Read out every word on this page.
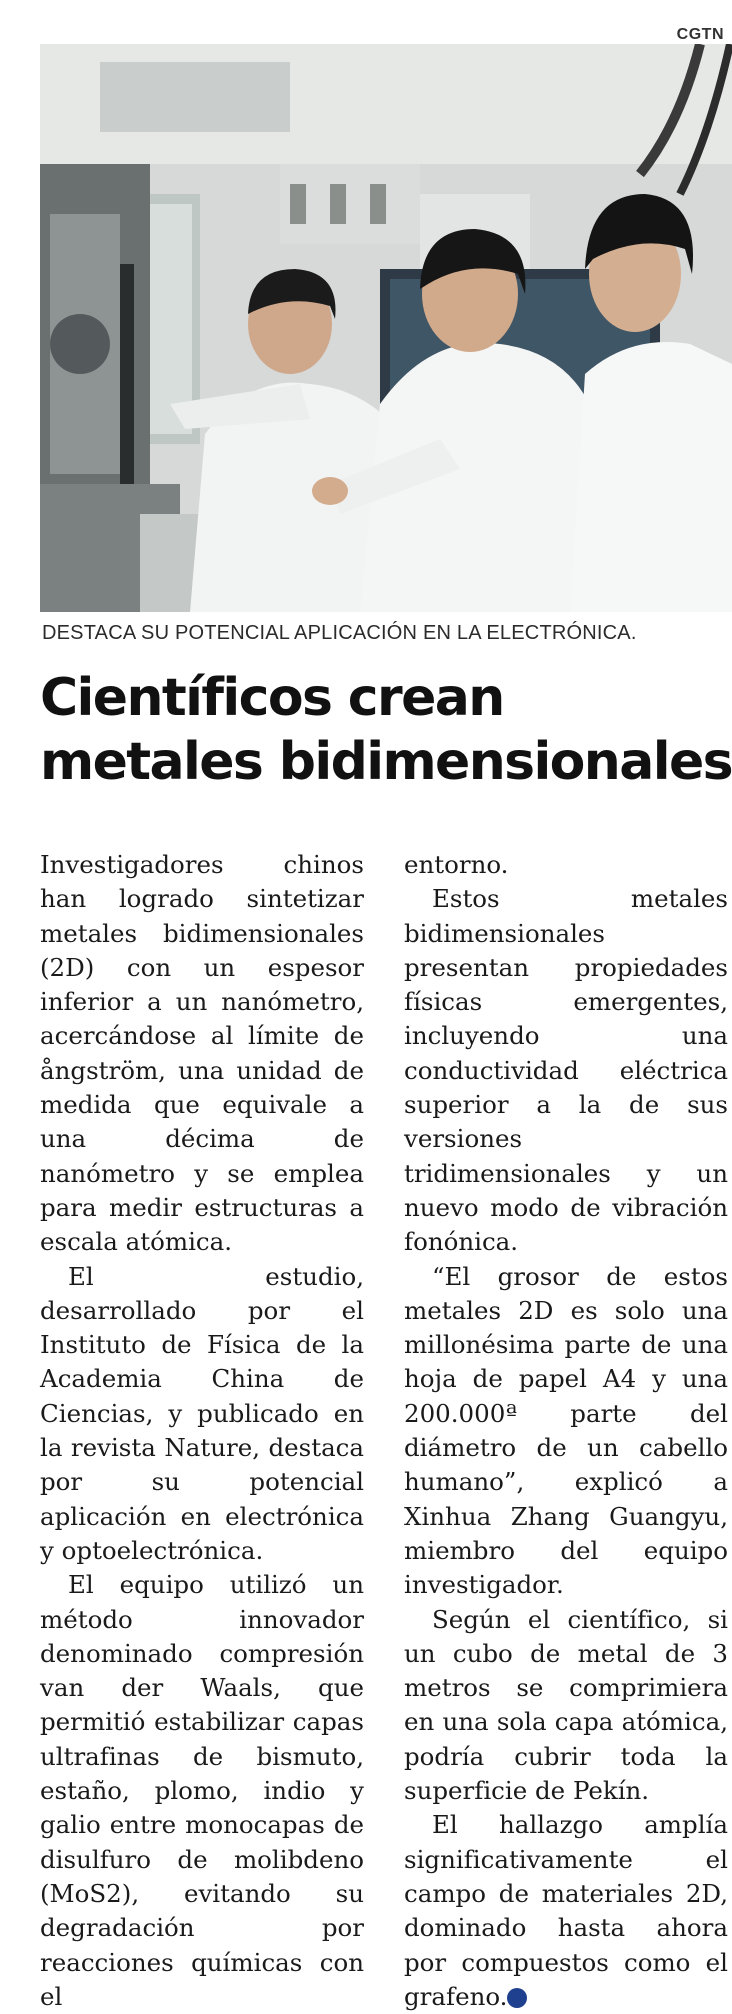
CGTN
DESTACA SU POTENCIAL APLICACIÓN EN LA ELECTRÓNICA.
Científicos crean
metales bidimensionales

Investigadores chinos han logrado sintetizar metales bidimensionales (2D) con un espesor inferior a un nanómetro, acercándose al límite de ångström, una unidad de medida que equivale a una décima de nanómetro y se emplea para medir estructuras a escala atómica.

El estudio, desarrollado por el Instituto de Física de la Academia China de Ciencias, y publicado en la revista Nature, destaca por su potencial aplicación en electrónica y optoelectrónica.

El equipo utilizó un método innovador denominado compresión van der Waals, que permitió estabilizar capas ultrafinas de bismuto, estaño, plomo, indio y galio entre monocapas de disulfuro de molibdeno (MoS2), evitando su degradación por reacciones químicas con el

entorno.

Estos metales bidimensionales presentan propiedades físicas emergentes, incluyendo una conductividad eléctrica superior a la de sus versiones tridimensionales y un nuevo modo de vibración fonónica.

“El grosor de estos metales 2D es solo una millonésima parte de una hoja de papel A4 y una 200.000ª parte del diámetro de un cabello humano”, explicó a Xinhua Zhang Guangyu, miembro del equipo investigador.

Según el científico, si un cubo de metal de 3 metros se comprimiera en una sola capa atómica, podría cubrir toda la superficie de Pekín.

El hallazgo amplía significativamente el campo de materiales 2D, dominado hasta ahora por compuestos como el grafeno. ✪
